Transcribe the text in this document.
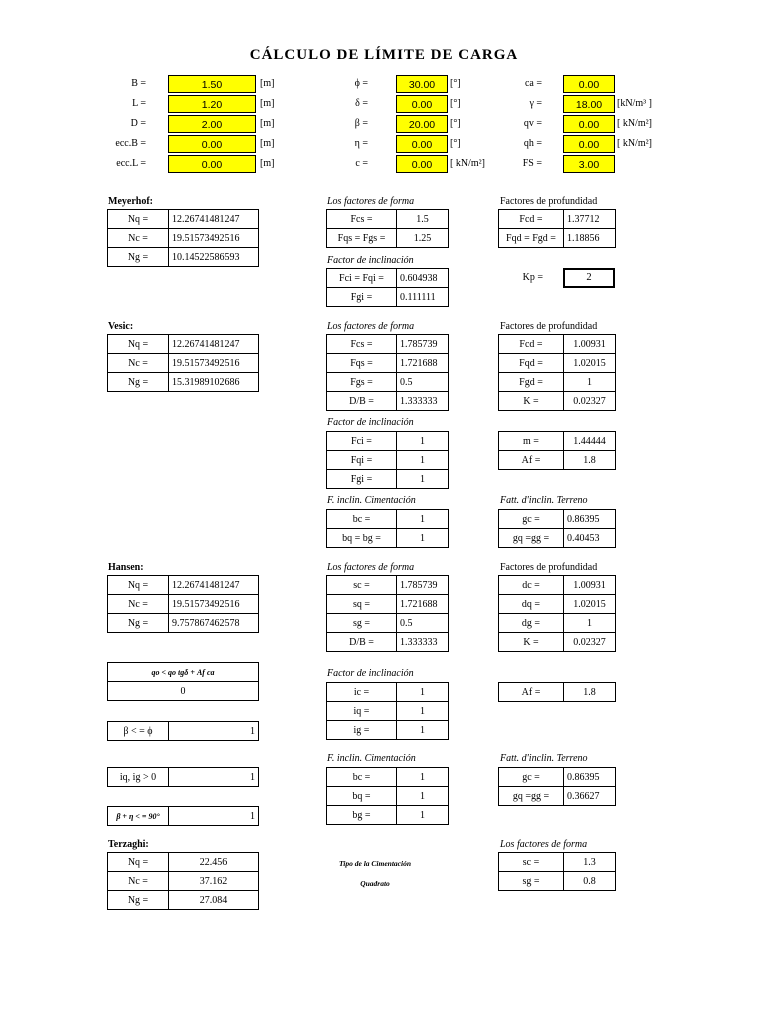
CÁLCULO DE LÍMITE DE CARGA
B =	1.50	[m]
L =	1.20	[m]
D =	2.00	[m]
ecc.B =	0.00	[m]
ecc.L =	0.00	[m]
ϕ =	30.00	[°]
δ =	0.00	[°]
β =	20.00	[°]
η =	0.00	[°]
c =	0.00	[ kN/m²]
ca =	0.00
γ =	18.00	[kN/m³ ]
qv =	0.00	[ kN/m²]
qh =	0.00	[ kN/m²]
FS =	3.00
Meyerhof:
Nq =	12.26741481247
Nc =	19.51573492516
Ng =	10.14522586593
Los factores de forma
Fcs =	1.5
Fqs = Fgs =	1.25
Factores de profundidad
Fcd =	1.37712
Fqd = Fgd =	1.18856
Factor de inclinación
Fci = Fqi =	0.604938
Fgi =	0.111111
Kp =	2
Vesic:
Nq =	12.26741481247
Nc =	19.51573492516
Ng =	15.31989102686
Los factores de forma
Fcs =	1.785739
Fqs =	1.721688
Fgs =	0.5
D/B =	1.333333
Factores de profundidad
Fcd =	1.00931
Fqd =	1.02015
Fgd =	1
K =	0.02327
Factor de inclinación
Fci =	1
Fqi =	1
Fgi =	1
m =	1.44444
Af =	1.8
F. inclin. Cimentación
bc =	1
bq = bg =	1
Fatt. d'inclin. Terreno
gc =	0.86395
gq =gg =	0.40453
Hansen:
Nq =	12.26741481247
Nc =	19.51573492516
Ng =	9.757867462578
Los factores de forma
sc =	1.785739
sq =	1.721688
sg =	0.5
D/B =	1.333333
Factores de profundidad
dc =	1.00931
dq =	1.02015
dg =	1
K =	0.02327
qo < qo tgδ + Af ca
0
β < = ϕ	1
iq, ig > 0	1
β + η < = 90°	1
Factor de inclinación
ic =	1
iq =	1
ig =	1
Af =	1.8
F. inclin. Cimentación
bc =	1
bq =	1
bg =	1
Fatt. d'inclin. Terreno
gc =	0.86395
gq =gg =	0.36627
Terzaghi:
Nq =	22.456
Nc =	37.162
Ng =	27.084
Tipo de la Cimentación
Quadrato
Los factores de forma
sc =	1.3
sg =	0.8
